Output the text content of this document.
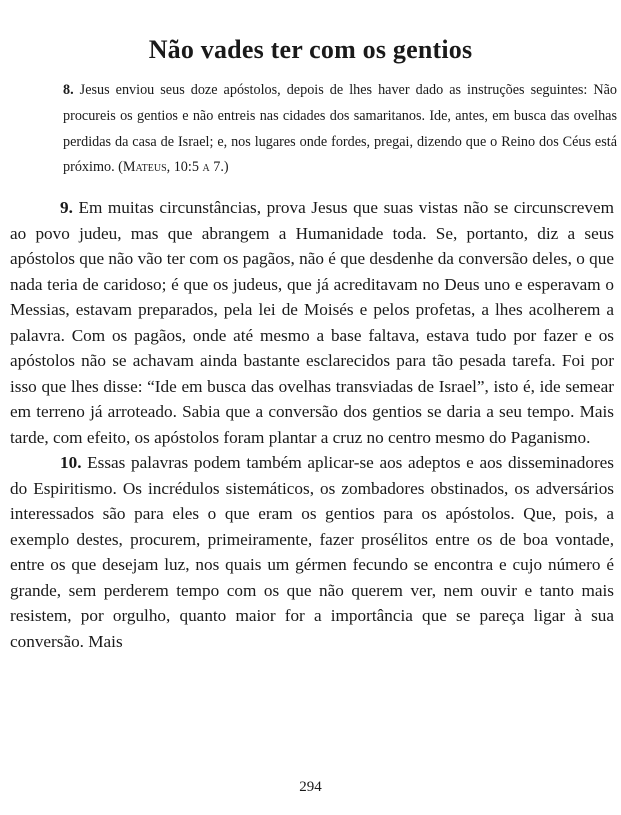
Não vades ter com os gentios
8. Jesus enviou seus doze apóstolos, depois de lhes haver dado as instruções seguintes: Não procureis os gentios e não entreis nas cidades dos samaritanos. Ide, antes, em busca das ovelhas perdidas da casa de Israel; e, nos lugares onde fordes, pregai, dizendo que o Reino dos Céus está próximo. (Mateus, 10:5 a 7.)

9. Em muitas circunstâncias, prova Jesus que suas vistas não se circunscrevem ao povo judeu, mas que abrangem a Humanidade toda. Se, portanto, diz a seus apóstolos que não vão ter com os pagãos, não é que desdenhe da conversão deles, o que nada teria de caridoso; é que os judeus, que já acreditavam no Deus uno e esperavam o Messias, estavam preparados, pela lei de Moisés e pelos profetas, a lhes acolherem a palavra. Com os pagãos, onde até mesmo a base faltava, estava tudo por fazer e os apóstolos não se achavam ainda bastante esclarecidos para tão pesada tarefa. Foi por isso que lhes disse: “Ide em busca das ovelhas transviadas de Israel”, isto é, ide semear em terreno já arroteado. Sabia que a conversão dos gentios se daria a seu tempo. Mais tarde, com efeito, os apóstolos foram plantar a cruz no centro mesmo do Paganismo.

10. Essas palavras podem também aplicar-se aos adeptos e aos disseminadores do Espiritismo. Os incrédulos sistemáticos, os zombadores obstinados, os adversários interessados são para eles o que eram os gentios para os apóstolos. Que, pois, a exemplo destes, procurem, primeiramente, fazer prosélitos entre os de boa vontade, entre os que desejam luz, nos quais um gérmen fecundo se encontra e cujo número é grande, sem perderem tempo com os que não querem ver, nem ouvir e tanto mais resistem, por orgulho, quanto maior for a importância que se pareça ligar à sua conversão. Mais

294
